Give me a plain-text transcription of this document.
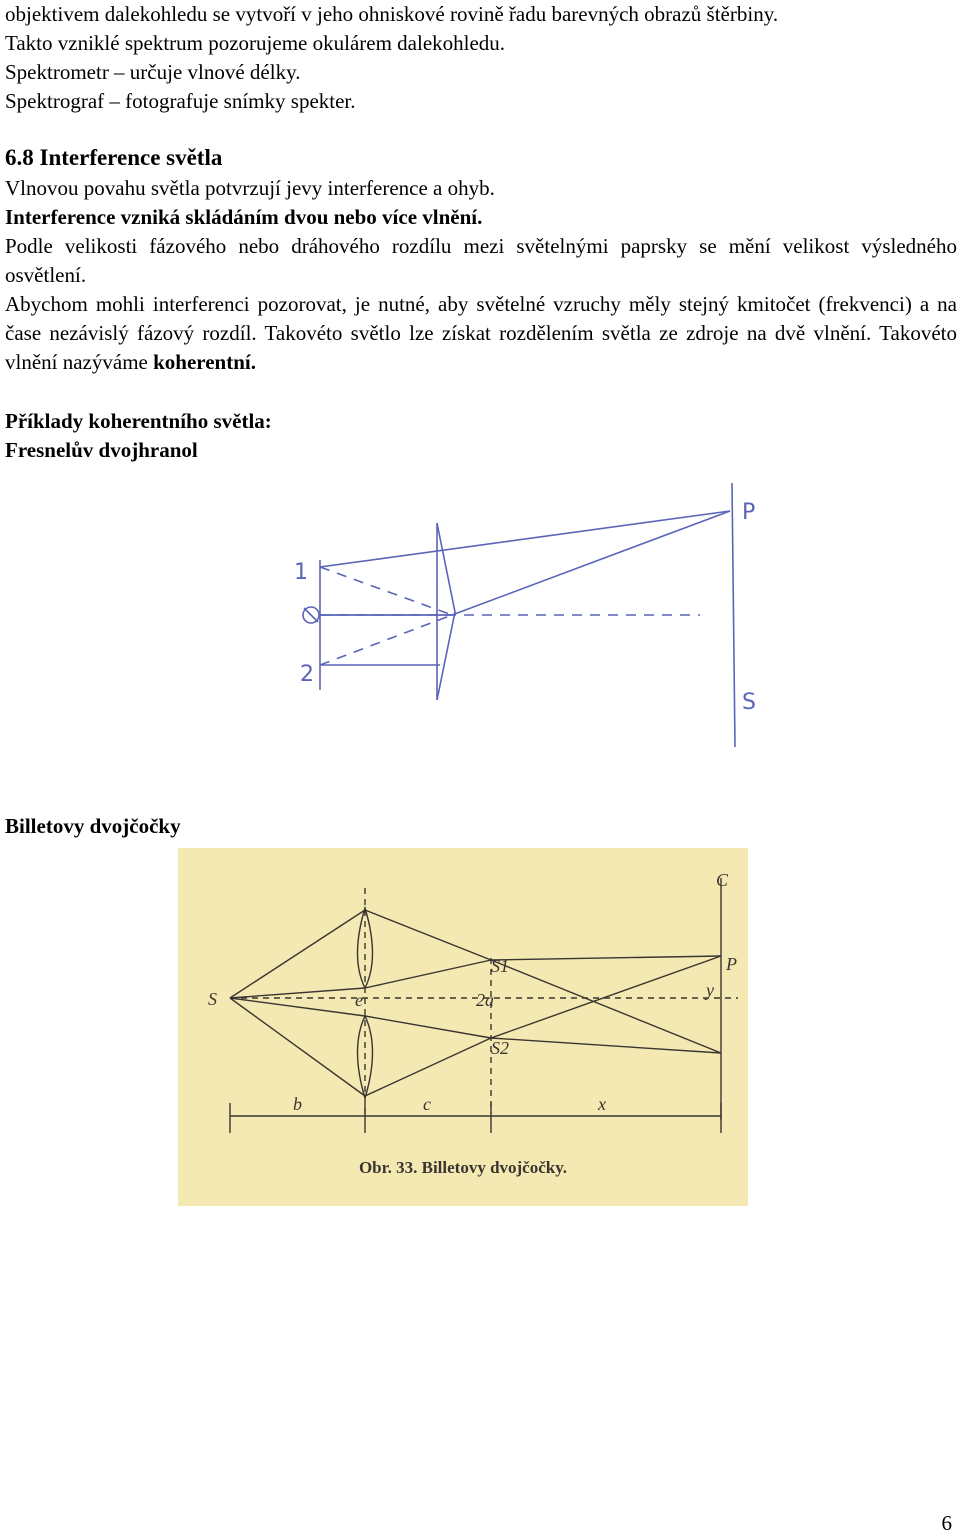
objektivem dalekohledu se vytvoří v jeho ohniskové rovině řadu barevných obrazů štěrbiny.

Takto vzniklé spektrum pozorujeme okulárem dalekohledu.

Spektrometr – určuje vlnové délky.

Spektrograf – fotografuje snímky spekter.

6.8 Interference světla

Vlnovou povahu světla potvrzují jevy interference a ohyb.

Interference vzniká skládáním dvou nebo více vlnění.

Podle velikosti fázového nebo dráhového rozdílu mezi světelnými paprsky se mění velikost výsledného osvětlení.

Abychom mohli interferenci pozorovat, je nutné, aby světelné vzruchy měly stejný kmitočet (frekvenci) a na čase nezávislý fázový rozdíl. Takovéto světlo lze získat rozdělením světla ze zdroje na dvě vlnění. Takovéto vlnění nazýváme koherentní.

Příklady koherentního světla:

Fresnelův dvojhranol

P
S
1
2

Billetovy dvojčočky

C
P
S
S1
S2
e	2a	y
b	c	x
Obr. 33. Billetovy dvojčočky.
6
